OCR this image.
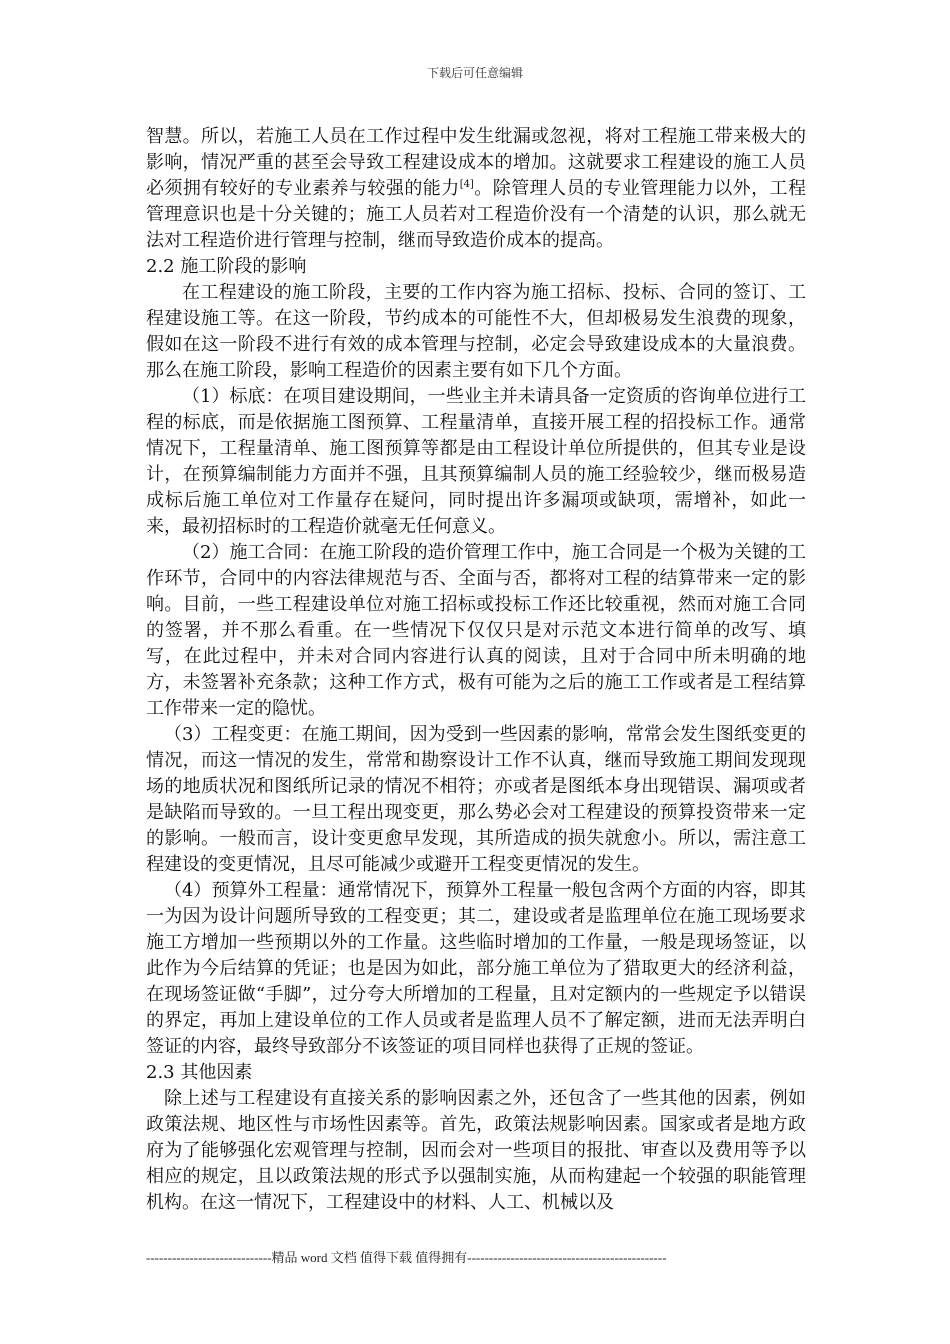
下载后可任意编辑

智慧。所以，若施工人员在工作过程中发生纰漏或忽视，将对工程施工带来极大的影响，情况严重的甚至会导致工程建设成本的增加。这就要求工程建设的施工人员必须拥有较好的专业素养与较强的能力[4]。除管理人员的专业管理能力以外，工程管理意识也是十分关键的；施工人员若对工程造价没有一个清楚的认识，那么就无法对工程造价进行管理与控制，继而导致造价成本的提高。

2.2 施工阶段的影响

在工程建设的施工阶段，主要的工作内容为施工招标、投标、合同的签订、工程建设施工等。在这一阶段，节约成本的可能性不大，但却极易发生浪费的现象，假如在这一阶段不进行有效的成本管理与控制，必定会导致建设成本的大量浪费。那么在施工阶段，影响工程造价的因素主要有如下几个方面。

（1）标底：在项目建设期间，一些业主并未请具备一定资质的咨询单位进行工程的标底，而是依据施工图预算、工程量清单，直接开展工程的招投标工作。通常情况下，工程量清单、施工图预算等都是由工程设计单位所提供的，但其专业是设计，在预算编制能力方面并不强，且其预算编制人员的施工经验较少，继而极易造成标后施工单位对工作量存在疑问，同时提出许多漏项或缺项，需增补，如此一来，最初招标时的工程造价就毫无任何意义。

（2）施工合同：在施工阶段的造价管理工作中，施工合同是一个极为关键的工作环节，合同中的内容法律规范与否、全面与否，都将对工程的结算带来一定的影响。目前，一些工程建设单位对施工招标或投标工作还比较重视，然而对施工合同的签署，并不那么看重。在一些情况下仅仅只是对示范文本进行简单的改写、填写，在此过程中，并未对合同内容进行认真的阅读，且对于合同中所未明确的地方，未签署补充条款；这种工作方式，极有可能为之后的施工工作或者是工程结算工作带来一定的隐忧。

（3）工程变更：在施工期间，因为受到一些因素的影响，常常会发生图纸变更的情况，而这一情况的发生，常常和勘察设计工作不认真，继而导致施工期间发现现场的地质状况和图纸所记录的情况不相符；亦或者是图纸本身出现错误、漏项或者是缺陷而导致的。一旦工程出现变更，那么势必会对工程建设的预算投资带来一定的影响。一般而言，设计变更愈早发现，其所造成的损失就愈小。所以，需注意工程建设的变更情况，且尽可能减少或避开工程变更情况的发生。

（4）预算外工程量：通常情况下，预算外工程量一般包含两个方面的内容，即其一为因为设计问题所导致的工程变更；其二，建设或者是监理单位在施工现场要求施工方增加一些预期以外的工作量。这些临时增加的工作量，一般是现场签证，以此作为今后结算的凭证；也是因为如此，部分施工单位为了猎取更大的经济利益，在现场签证做“手脚”，过分夸大所增加的工程量，且对定额内的一些规定予以错误的界定，再加上建设单位的工作人员或者是监理人员不了解定额，进而无法弄明白签证的内容，最终导致部分不该签证的项目同样也获得了正规的签证。

2.3 其他因素

除上述与工程建设有直接关系的影响因素之外，还包含了一些其他的因素，例如政策法规、地区性与市场性因素等。首先，政策法规影响因素。国家或者是地方政府为了能够强化宏观管理与控制，因而会对一些项目的报批、审查以及费用等予以相应的规定，且以政策法规的形式予以强制实施，从而构建起一个较强的职能管理机构。在这一情况下，工程建设中的材料、人工、机械以及

-----------------------------精品 word 文档 值得下载 值得拥有----------------------------------------------
